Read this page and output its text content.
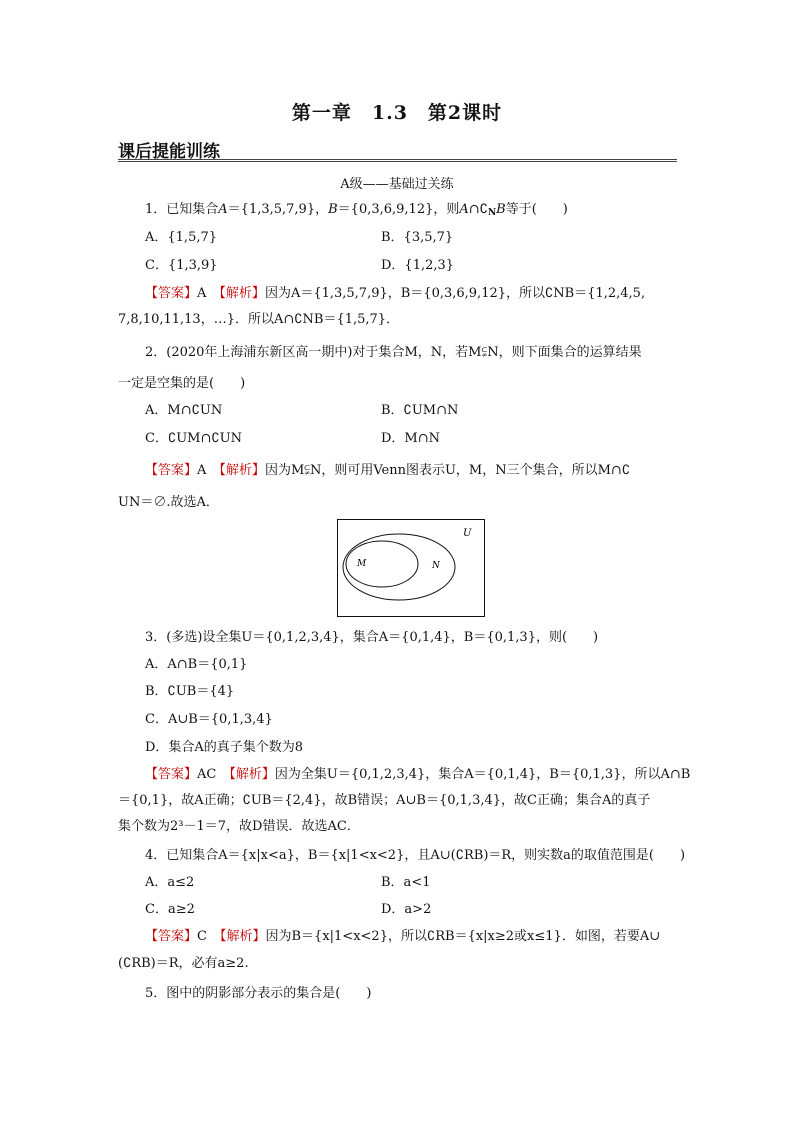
第一章　1.3　第2课时
课后提能训练
A级——基础过关练
1．已知集合A＝{1,3,5,7,9}，B＝{0,3,6,9,12}，则$A\cap∁_NB$等于(　　)
A．{1,5,7}	B．{3,5,7}
C．{1,3,9}	D．{1,2,3}
【答案】A　 【解析】因为A＝{1,3,5,7,9}，B＝{0,3,6,9,12}，所以∁NB＝{1,2,4,5,
7,8,10,11,13，…}．所以A∩∁NB＝{1,5,7}．
2．(2020年上海浦东新区高一期中)对于集合M，N，若M⫋N，则下面集合的运算结果
一定是空集的是(　　)
A．M∩∁UN	B．∁UM∩N
C．∁UM∩∁UN	D．M∩N
【答案】A　 【解析】因为M⫋N，则可用Venn图表示U，M，N三个集合，所以M∩∁
UN＝∅.故选A．
U
M	N
3．(多选)设全集U＝{0,1,2,3,4}，集合A＝{0,1,4}，B＝{0,1,3}，则(　　)
A．A∩B＝{0,1}
B．∁UB＝{4}
C．A∪B＝{0,1,3,4}
D．集合A的真子集个数为8
【答案】AC　 【解析】因为全集U＝{0,1,2,3,4}，集合A＝{0,1,4}，B＝{0,1,3}，所以A∩B
＝{0,1}，故A正确；∁UB＝{2,4}，故B错误；A∪B＝{0,1,3,4}，故C正确；集合A的真子
集个数为2³－1＝7，故D错误．故选AC．
4．已知集合A＝{x|x<a}，B＝{x|1<x<2}，且A∪(∁RB)＝R，则实数a的取值范围是(　　)
A．a≤2	B．a<1
C．a≥2	D．a>2
【答案】C　 【解析】因为B＝{x|1<x<2}，所以∁RB＝{x|x≥2或x≤1}．如图，若要A∪
(∁RB)＝R，必有a≥2.
5．图中的阴影部分表示的集合是(　　)
